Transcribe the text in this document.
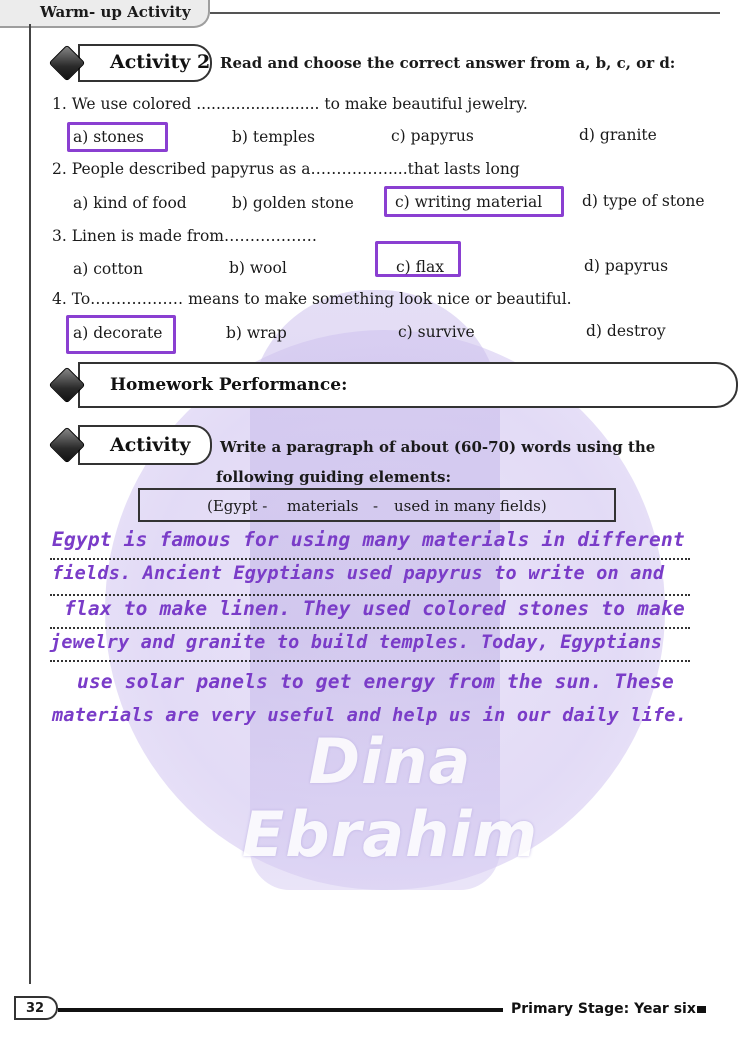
Dina Ebrahim
Warm- up Activity
Activity 2 Read and choose the correct answer from a, b, c, or d:
1. We use colored ......................... to make beautiful jewelry.
a) stones	b) temples	c) papyrus	d) granite
2. People described papyrus as a……………....that lasts long
a) kind of food	b) golden stone	c) writing material	d) type of stone
3. Linen is made from………………
a) cotton	b) wool	c) flax	d) papyrus
4. To……………… means to make something look nice or beautiful.
a) decorate	b) wrap	c) survive	d) destroy
Homework Performance:
Activity Write a paragraph of about (60-70) words using the
following guiding elements:
(Egypt - materials - used in many fields)
Egypt is famous for using many materials in different
fields. Ancient Egyptians used papyrus to write on and
flax to make linen. They used colored stones to make
jewelry and granite to build temples. Today, Egyptians
use solar panels to get energy from the sun. These
materials are very useful and help us in our daily life.
32	Primary Stage: Year six
